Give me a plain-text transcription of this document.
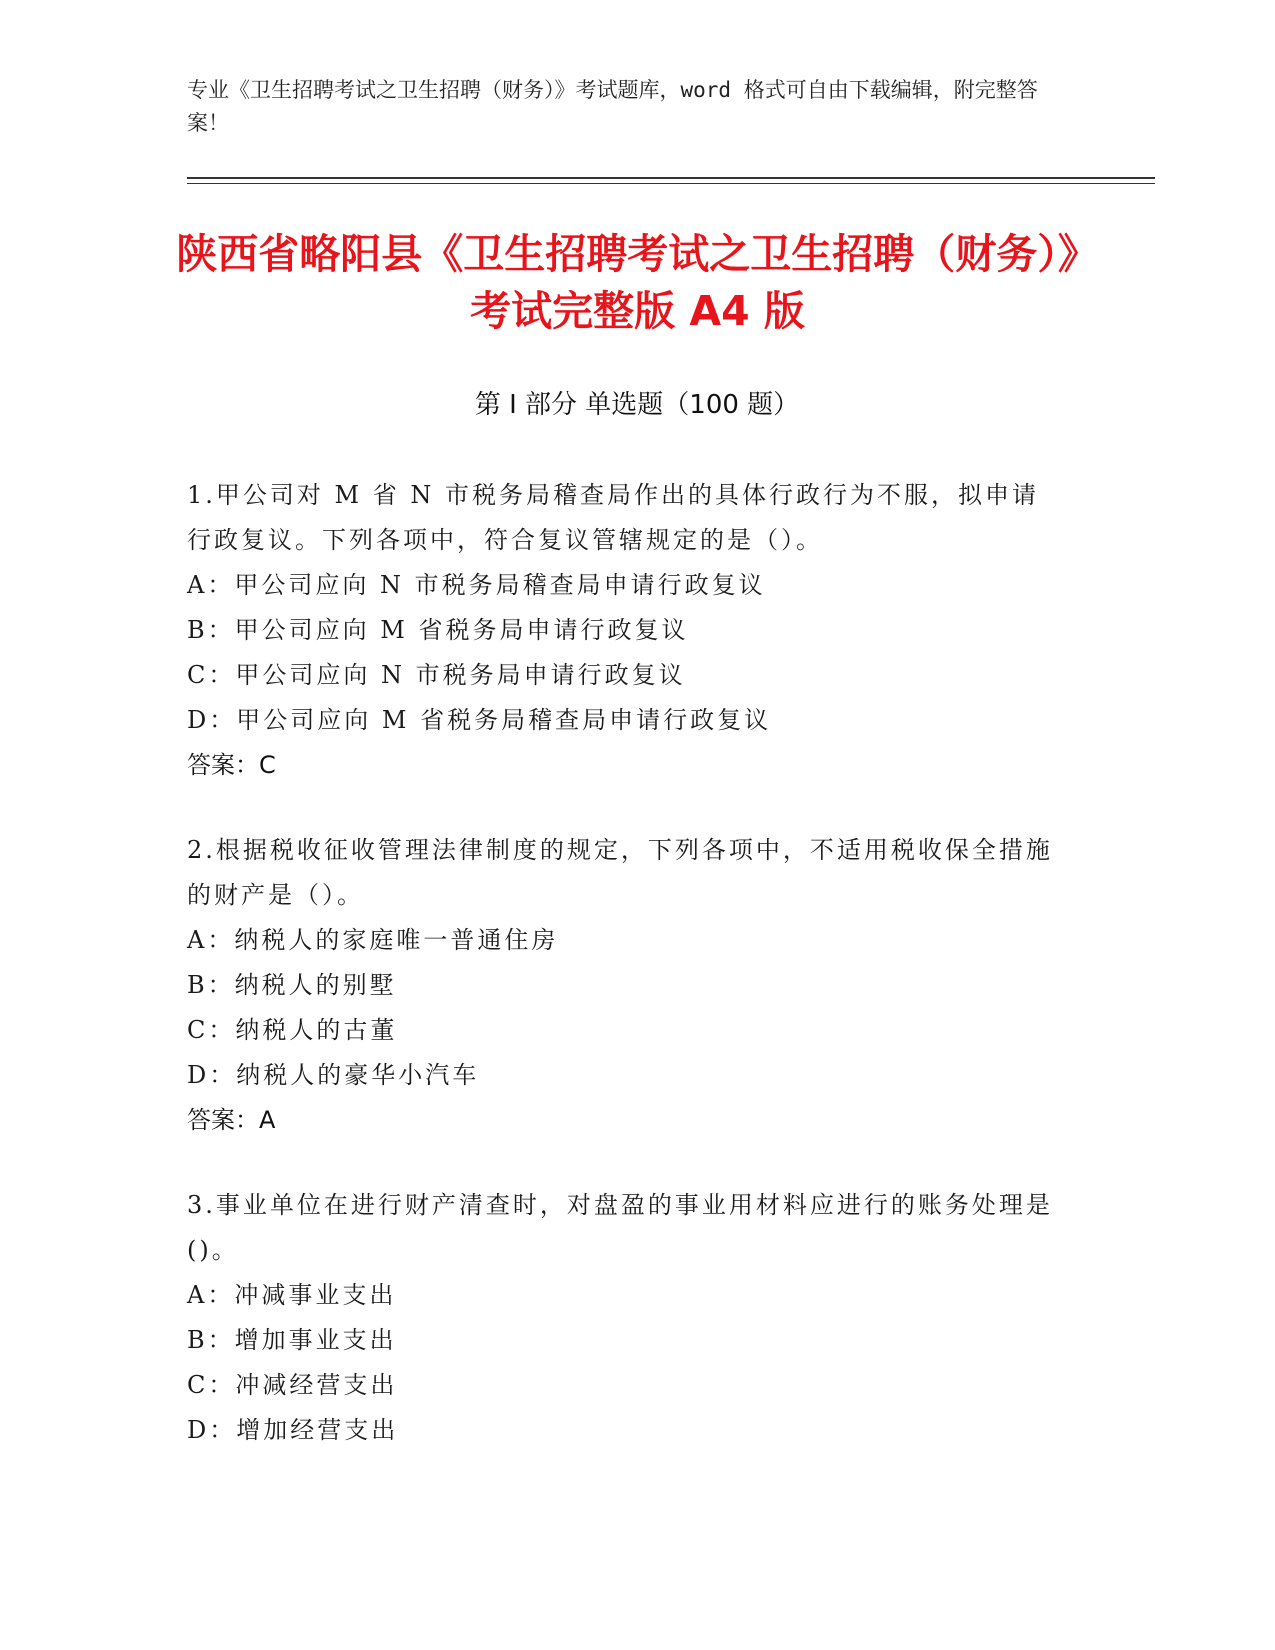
专业《卫生招聘考试之卫生招聘（财务）》考试题库，word 格式可自由下载编辑，附完整答案！
陕西省略阳县《卫生招聘考试之卫生招聘（财务）》考试完整版 A4 版
第 I 部分 单选题（100 题）
1.甲公司对 M 省 N 市税务局稽查局作出的具体行政行为不服，拟申请行政复议。下列各项中，符合复议管辖规定的是（）。
A：甲公司应向 N 市税务局稽查局申请行政复议
B：甲公司应向 M 省税务局申请行政复议
C：甲公司应向 N 市税务局申请行政复议
D：甲公司应向 M 省税务局稽查局申请行政复议
答案：C
2.根据税收征收管理法律制度的规定，下列各项中，不适用税收保全措施的财产是（）。
A：纳税人的家庭唯一普通住房
B：纳税人的别墅
C：纳税人的古董
D：纳税人的豪华小汽车
答案：A
3.事业单位在进行财产清查时，对盘盈的事业用材料应进行的账务处理是()。
A：冲减事业支出
B：增加事业支出
C：冲减经营支出
D：增加经营支出
